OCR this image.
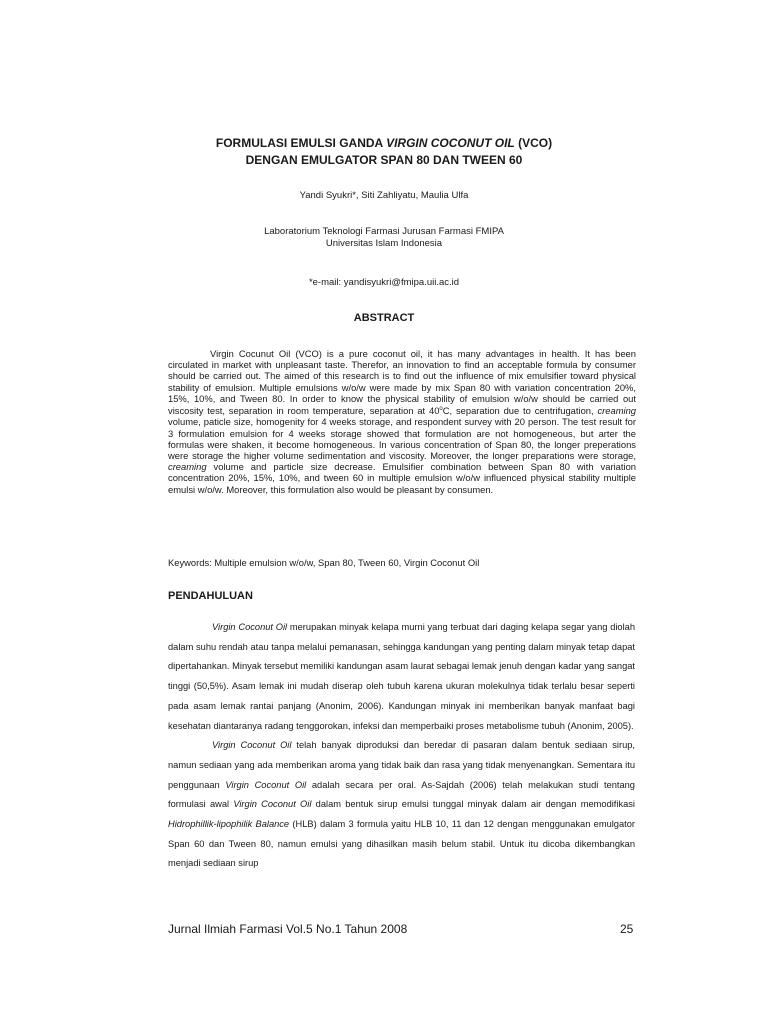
FORMULASI EMULSI GANDA VIRGIN COCONUT OIL (VCO)
DENGAN EMULGATOR SPAN 80 DAN TWEEN 60
Yandi Syukri*, Siti Zahliyatu, Maulia Ulfa
Laboratorium Teknologi Farmasi Jurusan Farmasi FMIPA
Universitas Islam Indonesia
*e-mail: yandisyukri@fmipa.uii.ac.id
ABSTRACT

Virgin Cocunut Oil (VCO) is a pure coconut oil, it has many advantages in health. It has been circulated in market with unpleasant taste. Therefor, an innovation to find an acceptable formula by consumer should be carried out. The aimed of this research is to find out the influence of mix emulsifier toward physical stability of emulsion. Multiple emulsions w/o/w were made by mix Span 80 with variation concentration 20%, 15%, 10%, and Tween 80. In order to know the physical stability of emulsion w/o/w should be carried out viscosity test, separation in room temperature, separation at 40$^o$C, separation due to centrifugation, creaming volume, paticle size, homogenity for 4 weeks storage, and respondent survey with 20 person. The test result for 3 formulation emulsion for 4 weeks storage showed that formulation are not homogeneous, but arter the formulas were shaken, it become homogeneous. In various concentration of Span 80, the longer preperations were storage the higher volume sedimentation and viscosity. Moreover, the longer preparations were storage, creaming volume and particle size decrease. Emulsifier combination between Span 80 with variation concentration 20%, 15%, 10%, and tween 60 in multiple emulsion w/o/w influenced physical stability multiple emulsi w/o/w. Moreover, this formulation also would be pleasant by consumen.

Keywords: Multiple emulsion w/o/w, Span 80, Tween 60, Virgin Coconut Oil
PENDAHULUAN

Virgin Coconut Oil merupakan minyak kelapa murni yang terbuat dari daging kelapa segar yang diolah dalam suhu rendah atau tanpa melalui pemanasan, sehingga kandungan yang penting dalam minyak tetap dapat dipertahankan. Minyak tersebut memiliki kandungan asam laurat sebagai lemak jenuh dengan kadar yang sangat tinggi (50,5%). Asam lemak ini mudah diserap oleh tubuh karena ukuran molekulnya tidak terlalu besar seperti pada asam lemak rantai panjang (Anonim, 2006). Kandungan minyak ini memberikan banyak manfaat bagi kesehatan diantaranya radang tenggorokan, infeksi dan memperbaiki proses metabolisme tubuh (Anonim, 2005).

Virgin Coconut Oil telah banyak diproduksi dan beredar di pasaran dalam bentuk sediaan sirup, namun sediaan yang ada memberikan aroma yang tidak baik dan rasa yang tidak menyenangkan. Sementara itu penggunaan Virgin Coconut Oil adalah secara per oral. As-Sajdah (2006) telah melakukan studi tentang formulasi awal Virgin Coconut Oil dalam bentuk sirup emulsi tunggal minyak dalam air dengan memodifikasi Hidrophillik-lipophilik Balance (HLB) dalam 3 formula yaitu HLB 10, 11 dan 12 dengan menggunakan emulgator Span 60 dan Tween 80, namun emulsi yang dihasilkan masih belum stabil. Untuk itu dicoba dikembangkan menjadi sediaan sirup

Jurnal Ilmiah Farmasi Vol.5 No.1 Tahun 2008	25
